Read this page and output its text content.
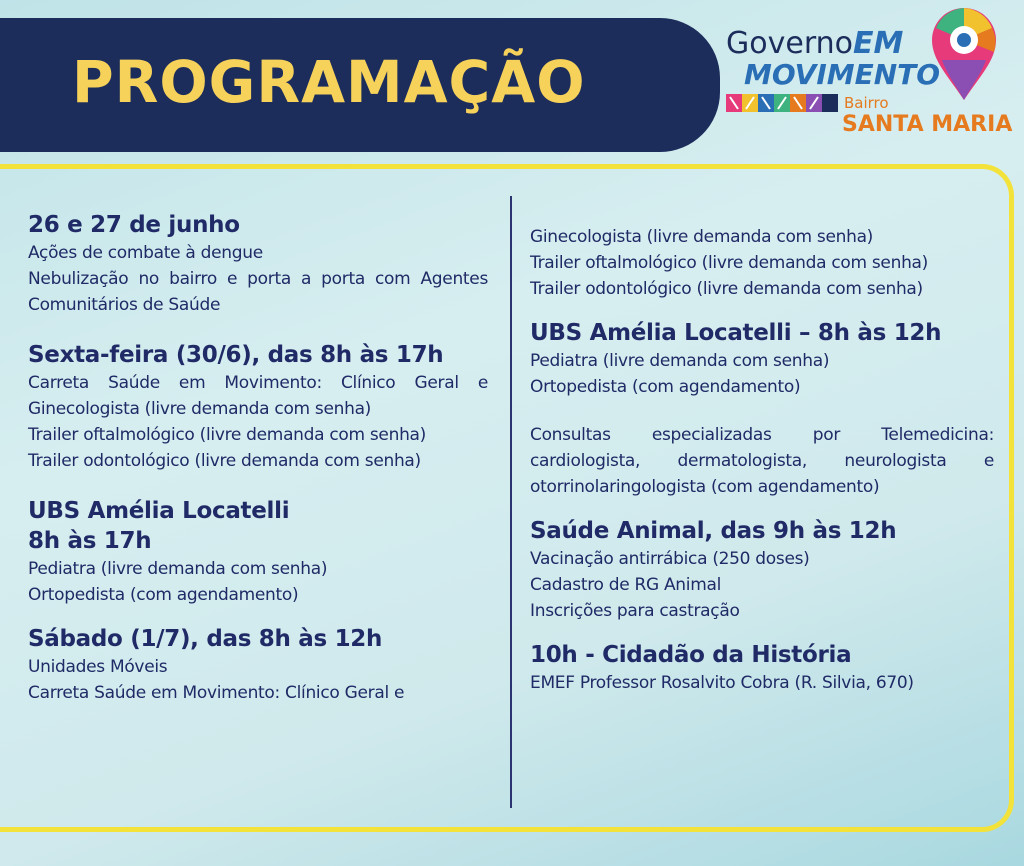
PROGRAMAÇÃO
GovernoEM
MOVIMENTO
Bairro
SANTA MARIA

26 e 27 de junho

Ações de combate à dengue

Nebulização no bairro e porta a porta com Agentes Comunitários de Saúde

Sexta-feira (30/6), das 8h às 17h

Carreta Saúde em Movimento: Clínico Geral e Ginecologista (livre demanda com senha)

Trailer oftalmológico (livre demanda com senha)

Trailer odontológico (livre demanda com senha)

UBS Amélia Locatelli

8h às 17h

Pediatra (livre demanda com senha)

Ortopedista (com agendamento)

Sábado (1/7), das 8h às 12h

Unidades Móveis

Carreta Saúde em Movimento: Clínico Geral e

Ginecologista (livre demanda com senha)

Trailer oftalmológico (livre demanda com senha)

Trailer odontológico (livre demanda com senha)

UBS Amélia Locatelli – 8h às 12h

Pediatra (livre demanda com senha)

Ortopedista (com agendamento)

Consultas especializadas por Telemedicina: cardiologista, dermatologista, neurologista e otorrinolaringologista (com agendamento)

Saúde Animal, das 9h às 12h

Vacinação antirrábica (250 doses)

Cadastro de RG Animal

Inscrições para castração

10h - Cidadão da História

EMEF Professor Rosalvito Cobra (R. Silvia, 670)
